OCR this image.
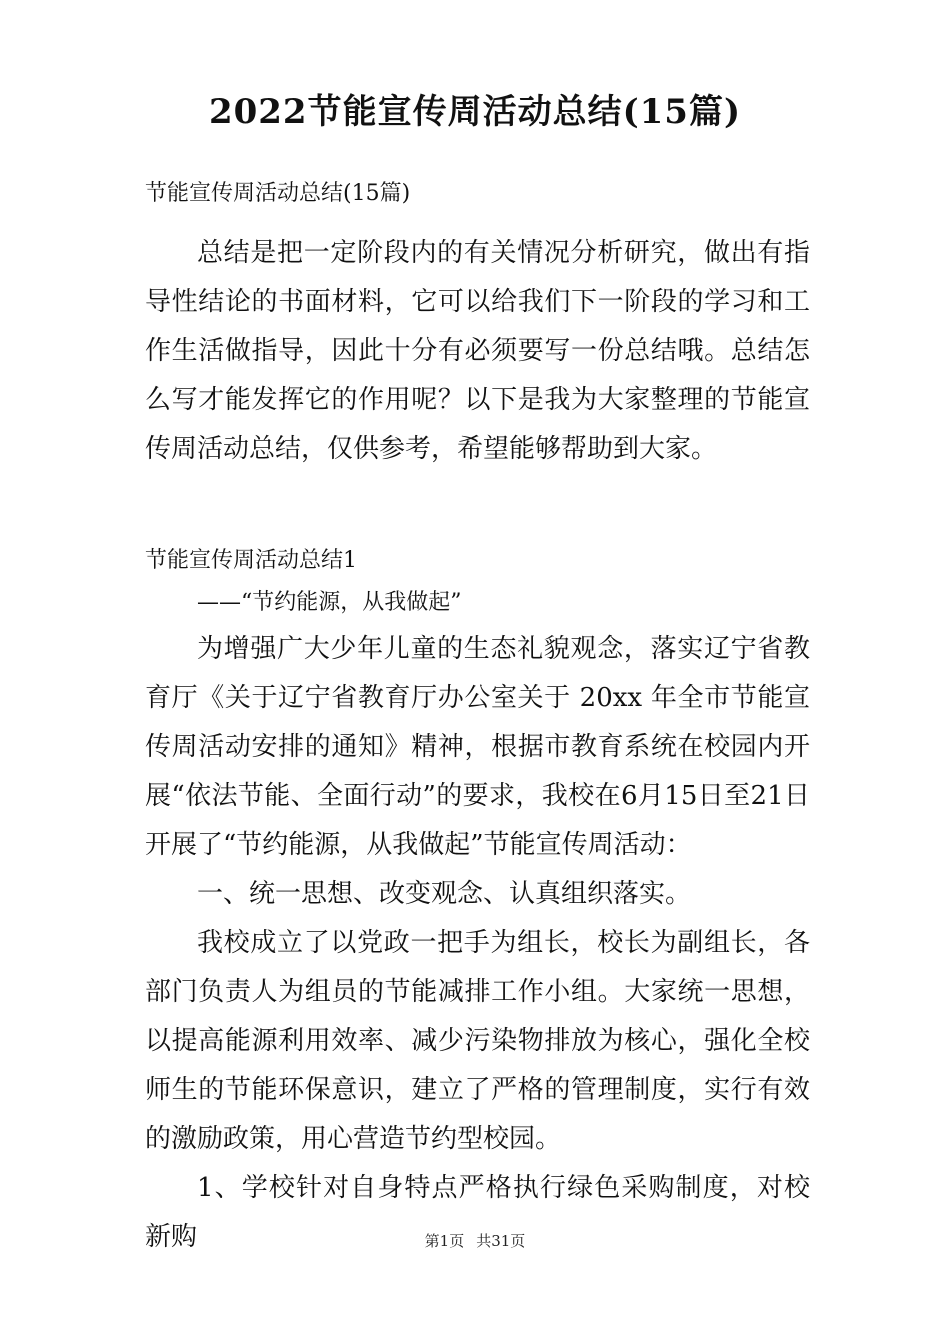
2022节能宣传周活动总结(15篇)

节能宣传周活动总结(15篇)

总结是把一定阶段内的有关情况分析研究，做出有指导性结论的书面材料，它可以给我们下一阶段的学习和工作生活做指导，因此十分有必须要写一份总结哦。总结怎么写才能发挥它的作用呢？以下是我为大家整理的节能宣传周活动总结，仅供参考，希望能够帮助到大家。

节能宣传周活动总结1

——“节约能源，从我做起”

为增强广大少年儿童的生态礼貌观念，落实辽宁省教育厅《关于辽宁省教育厅办公室关于 20xx 年全市节能宣传周活动安排的通知》精神，根据市教育系统在校园内开展“依法节能、全面行动”的要求，我校在6月15日至21日开展了“节约能源，从我做起”节能宣传周活动：

一、统一思想、改变观念、认真组织落实。

我校成立了以党政一把手为组长，校长为副组长，各部门负责人为组员的节能减排工作小组。大家统一思想，以提高能源利用效率、减少污染物排放为核心，强化全校师生的节能环保意识，建立了严格的管理制度，实行有效的激励政策，用心营造节约型校园。

1、学校针对自身特点严格执行绿色采购制度，对校新购	第1页 共31页
